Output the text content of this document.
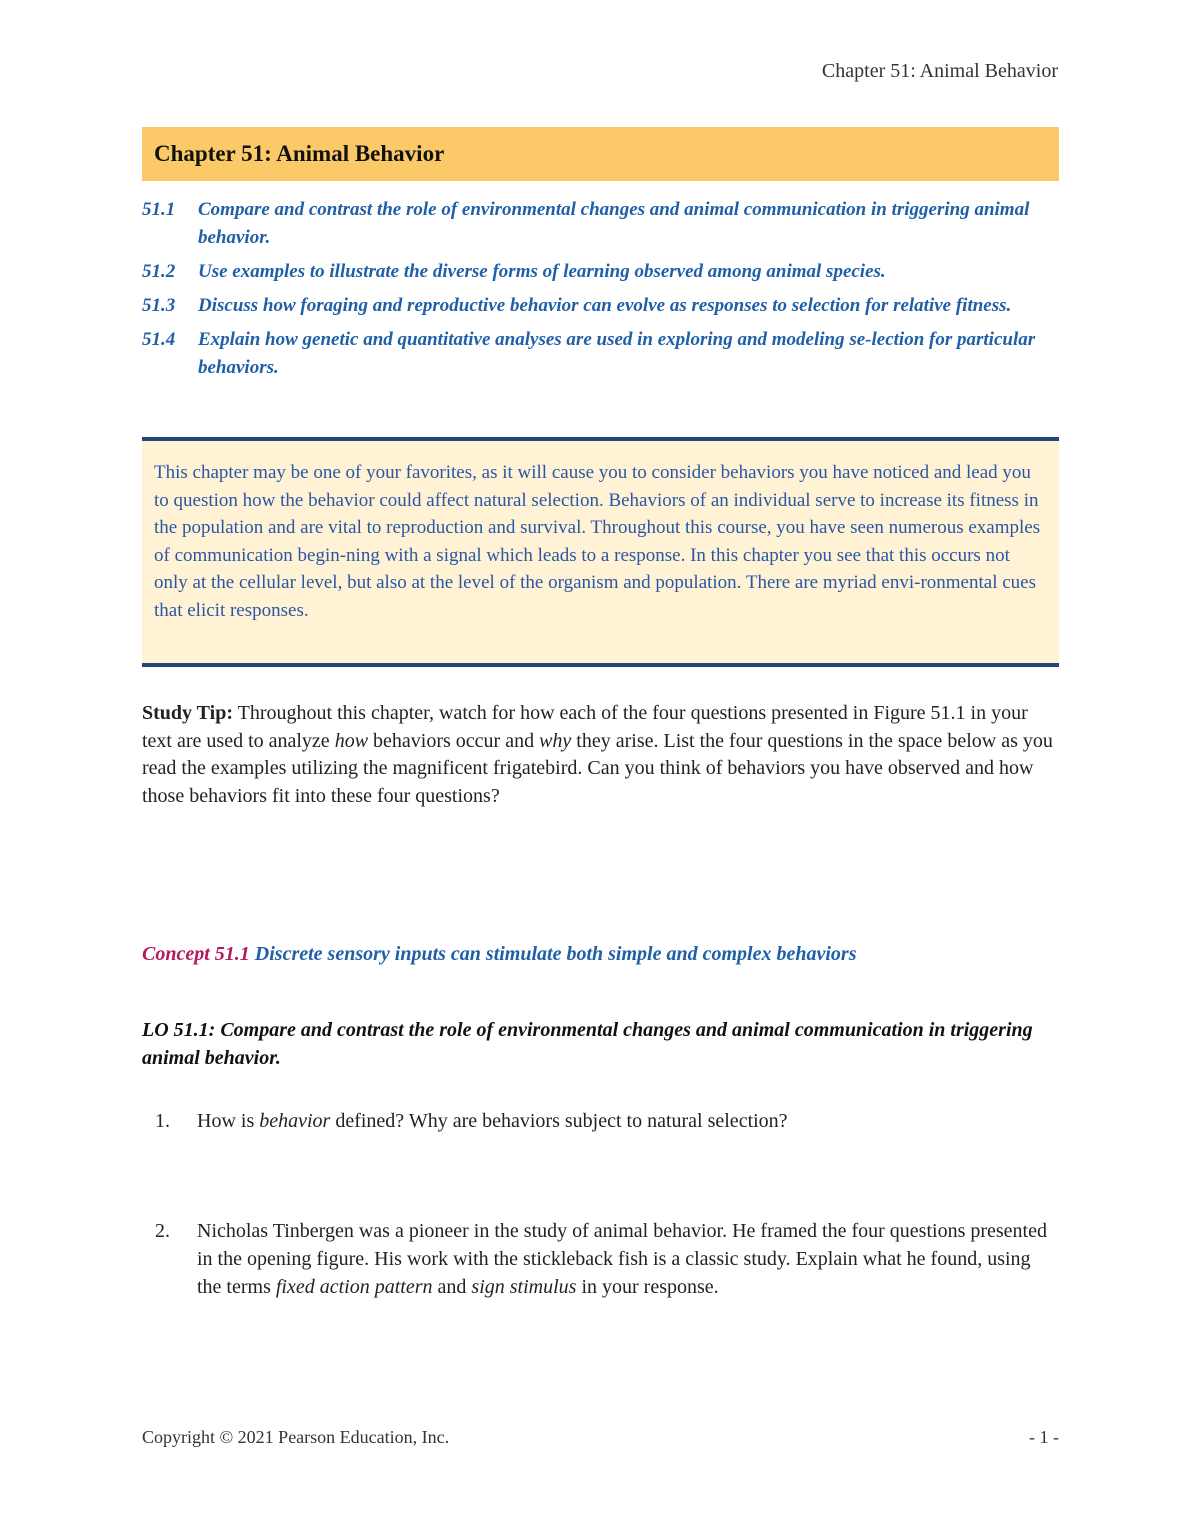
Chapter 51: Animal Behavior
Chapter 51: Animal Behavior
51.1	Compare and contrast the role of environmental changes and animal communication in triggering animal behavior.
51.2	Use examples to illustrate the diverse forms of learning observed among animal species.
51.3	Discuss how foraging and reproductive behavior can evolve as responses to selection for relative fitness.
51.4	Explain how genetic and quantitative analyses are used in exploring and modeling se-lection for particular behaviors.
This chapter may be one of your favorites, as it will cause you to consider behaviors you have noticed and lead you to question how the behavior could affect natural selection. Behaviors of an individual serve to increase its fitness in the population and are vital to reproduction and survival. Throughout this course, you have seen numerous examples of communication begin-ning with a signal which leads to a response. In this chapter you see that this occurs not only at the cellular level, but also at the level of the organism and population. There are myriad envi-ronmental cues that elicit responses.
Study Tip: Throughout this chapter, watch for how each of the four questions presented in Figure 51.1 in your text are used to analyze how behaviors occur and why they arise. List the four questions in the space below as you read the examples utilizing the magnificent frigatebird. Can you think of behaviors you have observed and how those behaviors fit into these four questions?
Concept 51.1 Discrete sensory inputs can stimulate both simple and complex behaviors
LO 51.1: Compare and contrast the role of environmental changes and animal communication in triggering animal behavior.
1.	How is behavior defined? Why are behaviors subject to natural selection?
2.	Nicholas Tinbergen was a pioneer in the study of animal behavior. He framed the four questions presented in the opening figure. His work with the stickleback fish is a classic study. Explain what he found, using the terms fixed action pattern and sign stimulus in your response.
Copyright © 2021 Pearson Education, Inc.	- 1 -
